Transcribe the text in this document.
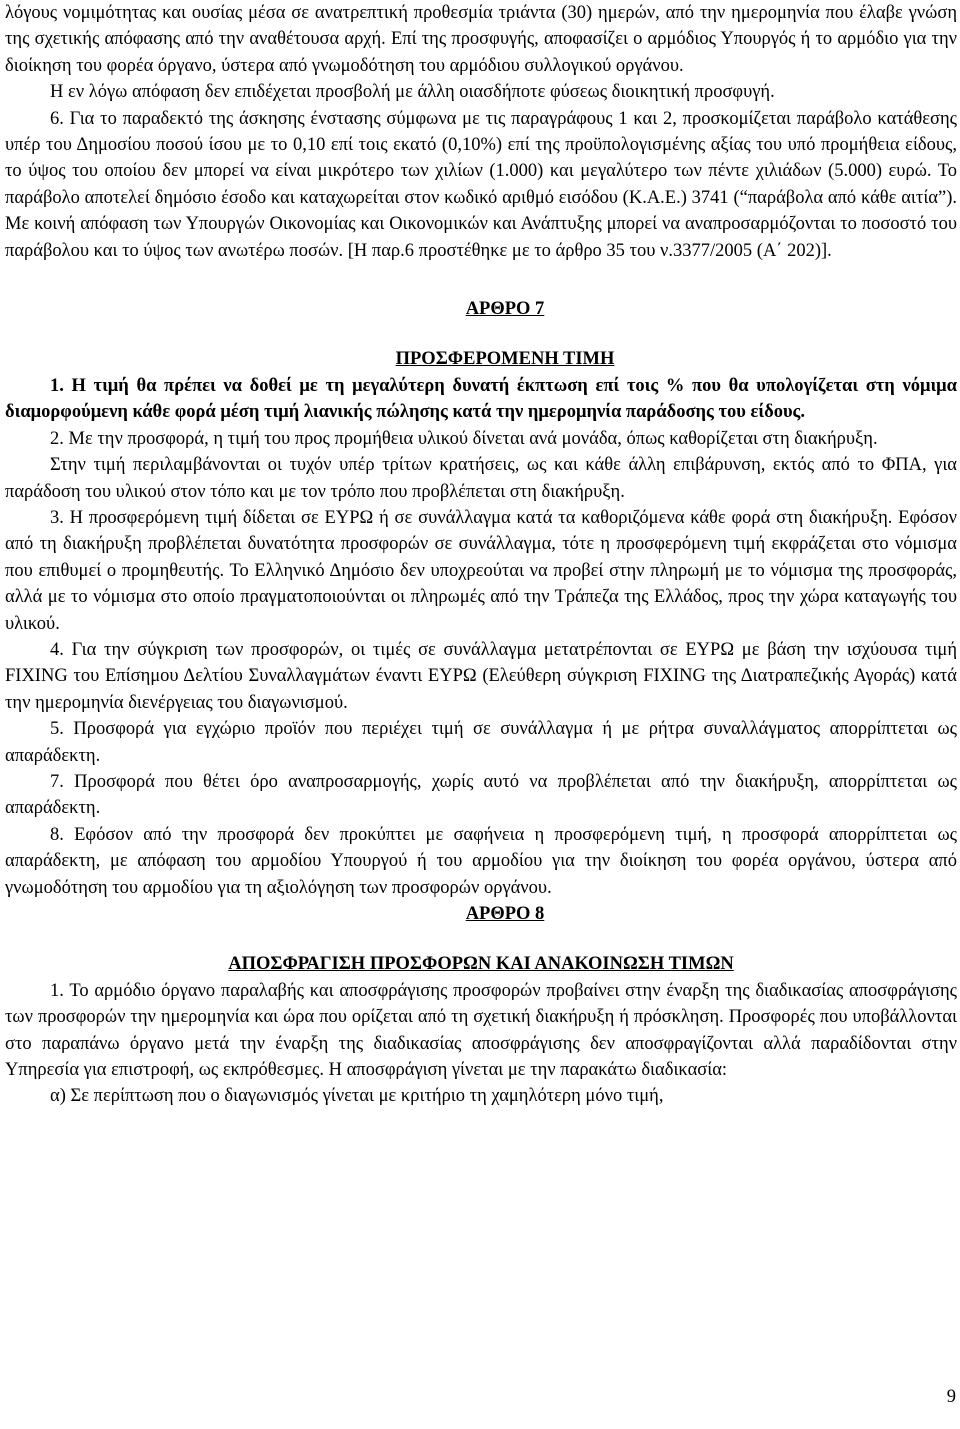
λόγους νομιμότητας και ουσίας μέσα σε ανατρεπτική προθεσμία τριάντα (30) ημερών, από την ημερομηνία που έλαβε γνώση της σχετικής απόφασης από την αναθέτουσα αρχή. Επί της προσφυγής, αποφασίζει ο αρμόδιος Υπουργός ή το αρμόδιο για την διοίκηση του φορέα όργανο, ύστερα από γνωμοδότηση του αρμόδιου συλλογικού οργάνου.

Η εν λόγω απόφαση δεν επιδέχεται προσβολή με άλλη οιασδήποτε φύσεως διοικητική προσφυγή.

6. Για το παραδεκτό της άσκησης ένστασης σύμφωνα με τις παραγράφους 1 και 2, προσκομίζεται παράβολο κατάθεσης υπέρ του Δημοσίου ποσού ίσου με το 0,10 επί τοις εκατό (0,10%) επί της προϋπολογισμένης αξίας του υπό προμήθεια είδους, το ύψος του οποίου δεν μπορεί να είναι μικρότερο των χιλίων (1.000) και μεγαλύτερο των πέντε χιλιάδων (5.000) ευρώ. Το παράβολο αποτελεί δημόσιο έσοδο και καταχωρείται στον κωδικό αριθμό εισόδου (Κ.Α.Ε.) 3741 (“παράβολα από κάθε αιτία”). Με κοινή απόφαση των Υπουργών Οικονομίας και Οικονομικών και Ανάπτυξης μπορεί να αναπροσαρμόζονται το ποσοστό του παράβολου και το ύψος των ανωτέρω ποσών. [Η παρ.6 προστέθηκε με το άρθρο 35 του ν.3377/2005 (Α΄ 202)].

ΑΡΘΡΟ 7

ΠΡΟΣΦΕΡΟΜΕΝΗ ΤΙΜΗ

1. Η τιμή θα πρέπει να δοθεί με τη μεγαλύτερη δυνατή έκπτωση επί τοις % που θα υπολογίζεται στη νόμιμα διαμορφούμενη κάθε φορά μέση τιμή λιανικής πώλησης κατά την ημερομηνία παράδοσης του είδους.

2. Με την προσφορά, η τιμή του προς προμήθεια υλικού δίνεται ανά μονάδα, όπως καθορίζεται στη διακήρυξη.

Στην τιμή περιλαμβάνονται οι τυχόν υπέρ τρίτων κρατήσεις, ως και κάθε άλλη επιβάρυνση, εκτός από το ΦΠΑ, για παράδοση του υλικού στον τόπο και με τον τρόπο που προβλέπεται στη διακήρυξη.

3. Η προσφερόμενη τιμή δίδεται σε ΕΥΡΩ ή σε συνάλλαγμα κατά τα καθοριζόμενα κάθε φορά στη διακήρυξη. Εφόσον από τη διακήρυξη προβλέπεται δυνατότητα προσφορών σε συνάλλαγμα, τότε η προσφερόμενη τιμή εκφράζεται στο νόμισμα που επιθυμεί ο προμηθευτής. Το Ελληνικό Δημόσιο δεν υποχρεούται να προβεί στην πληρωμή με το νόμισμα της προσφοράς, αλλά με το νόμισμα στο οποίο πραγματοποιούνται οι πληρωμές από την Τράπεζα της Ελλάδος, προς την χώρα καταγωγής του υλικού.

4. Για την σύγκριση των προσφορών, οι τιμές σε συνάλλαγμα μετατρέπονται σε ΕΥΡΩ με βάση την ισχύουσα τιμή FIXING του Επίσημου Δελτίου Συναλλαγμάτων έναντι ΕΥΡΩ (Ελεύθερη σύγκριση FIXING της Διατραπεζικής Αγοράς) κατά την ημερομηνία διενέργειας του διαγωνισμού.

5. Προσφορά για εγχώριο προϊόν που περιέχει τιμή σε συνάλλαγμα ή με ρήτρα συναλλάγματος απορρίπτεται ως απαράδεκτη.

7. Προσφορά που θέτει όρο αναπροσαρμογής, χωρίς αυτό να προβλέπεται από την διακήρυξη, απορρίπτεται ως απαράδεκτη.

8. Εφόσον από την προσφορά δεν προκύπτει με σαφήνεια η προσφερόμενη τιμή, η προσφορά απορρίπτεται ως απαράδεκτη, με απόφαση του αρμοδίου Υπουργού ή του αρμοδίου για την διοίκηση του φορέα οργάνου, ύστερα από γνωμοδότηση του αρμοδίου για τη αξιολόγηση των προσφορών οργάνου.

ΑΡΘΡΟ 8

ΑΠΟΣΦΡΑΓΙΣΗ ΠΡΟΣΦΟΡΩΝ ΚΑΙ ΑΝΑΚΟΙΝΩΣΗ ΤΙΜΩΝ

1. Το αρμόδιο όργανο παραλαβής και αποσφράγισης προσφορών προβαίνει στην έναρξη της διαδικασίας αποσφράγισης των προσφορών την ημερομηνία και ώρα που ορίζεται από τη σχετική διακήρυξη ή πρόσκληση. Προσφορές που υποβάλλονται στο παραπάνω όργανο μετά την έναρξη της διαδικασίας αποσφράγισης δεν αποσφραγίζονται αλλά παραδίδονται στην Υπηρεσία για επιστροφή, ως εκπρόθεσμες. Η αποσφράγιση γίνεται με την παρακάτω διαδικασία:

α) Σε περίπτωση που ο διαγωνισμός γίνεται με κριτήριο τη χαμηλότερη μόνο τιμή,

9
